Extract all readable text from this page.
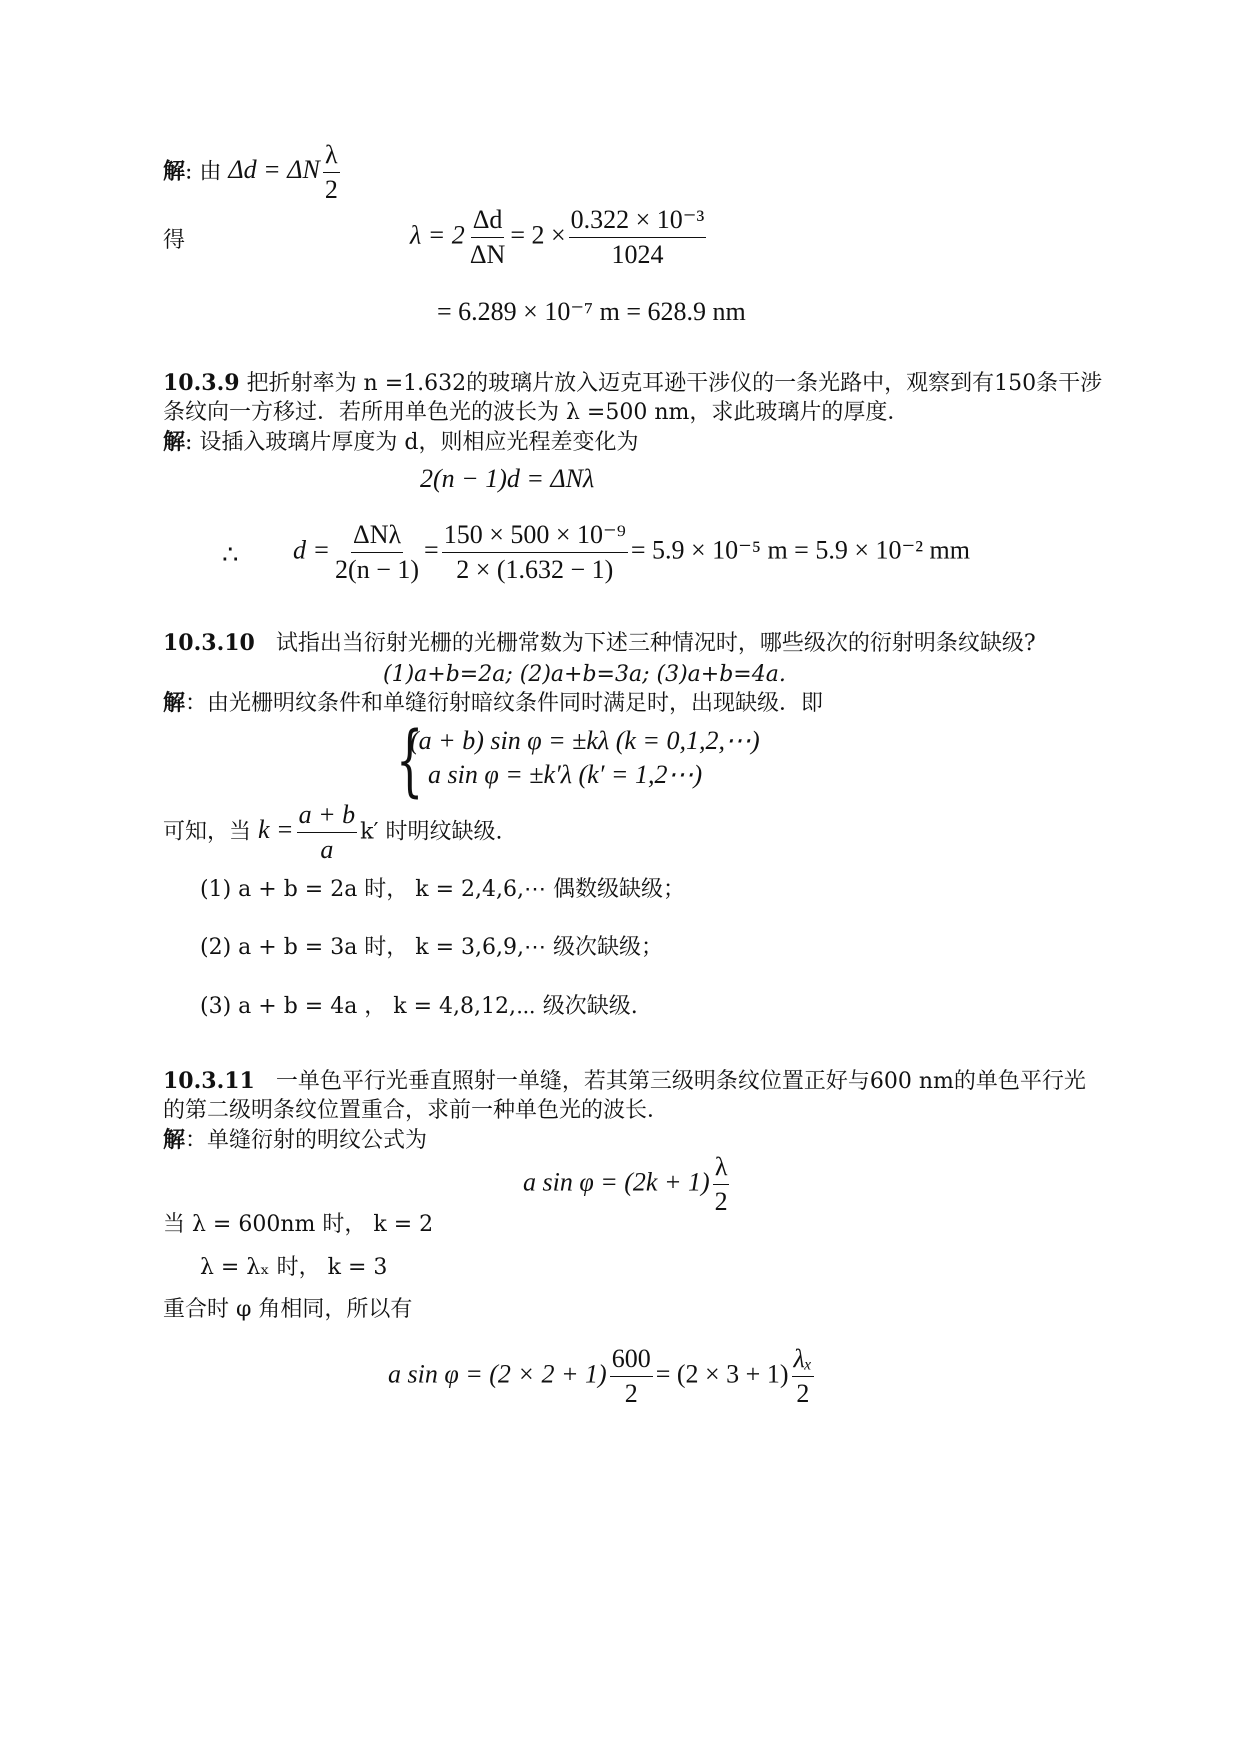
解: 由 Δd = ΔN $\frac{\lambda}{2}$
得	$\lambda = 2 \frac{\Delta d}{\Delta N} = 2 \times \frac{\text{0.322 × 10⁻³}}{1024}$
= 6.289 × 10⁻⁷ m = 628.9 nm
10.3.9 把折射率为 n =1.632的玻璃片放入迈克耳逊干涉仪的一条光路中，观察到有150条干涉
条纹向一方移过．若所用单色光的波长为 λ =500 nm，求此玻璃片的厚度．
解: 设插入玻璃片厚度为 d，则相应光程差变化为
2(n − 1)d = ΔNλ
∴ $d = \frac{\text{ΔNλ}}{2(n - 1)} = \frac{\text{150 × 500 × 10⁻⁹}}{2 \times (1.632 - 1)} = 5.9 \times 10^{-5}$ m = 5.9 × 10⁻² mm
10.3.10 试指出当衍射光栅的光栅常数为下述三种情况时，哪些级次的衍射明条纹缺级?
(1)a+b=2a; (2)a+b=3a; (3)a+b=4a.
解：由光栅明纹条件和单缝衍射暗纹条件同时满足时，出现缺级．即
{
(a + b) sin φ = ±kλ (k = 0,1,2,⋯)
a sin φ = ±k′λ (k′ = 1,2⋯)
可知，当 $k = \frac{a + b}{a} k'$ 时明纹缺级.
(1) a + b = 2a 时， k = 2,4,6,⋯ 偶数级缺级；
(2) a + b = 3a 时， k = 3,6,9,⋯ 级次缺级；
(3) a + b = 4a ， k = 4,8,12,⋯ 级次缺级.
10.3.11 一单色平行光垂直照射一单缝，若其第三级明条纹位置正好与600 nm的单色平行光
的第二级明条纹位置重合，求前一种单色光的波长．
解：单缝衍射的明纹公式为
a $\sin \varphi = (2k + 1) \frac{\lambda}{2}$
当 λ = 600nm 时， k = 2
λ = λₓ 时， k = 3
重合时 φ 角相同，所以有
a $\sin \varphi = (2 \times 2 + 1) \frac{600}{2} = (2 \times 3 + 1) \frac{\text{λₓ}}{2}$
